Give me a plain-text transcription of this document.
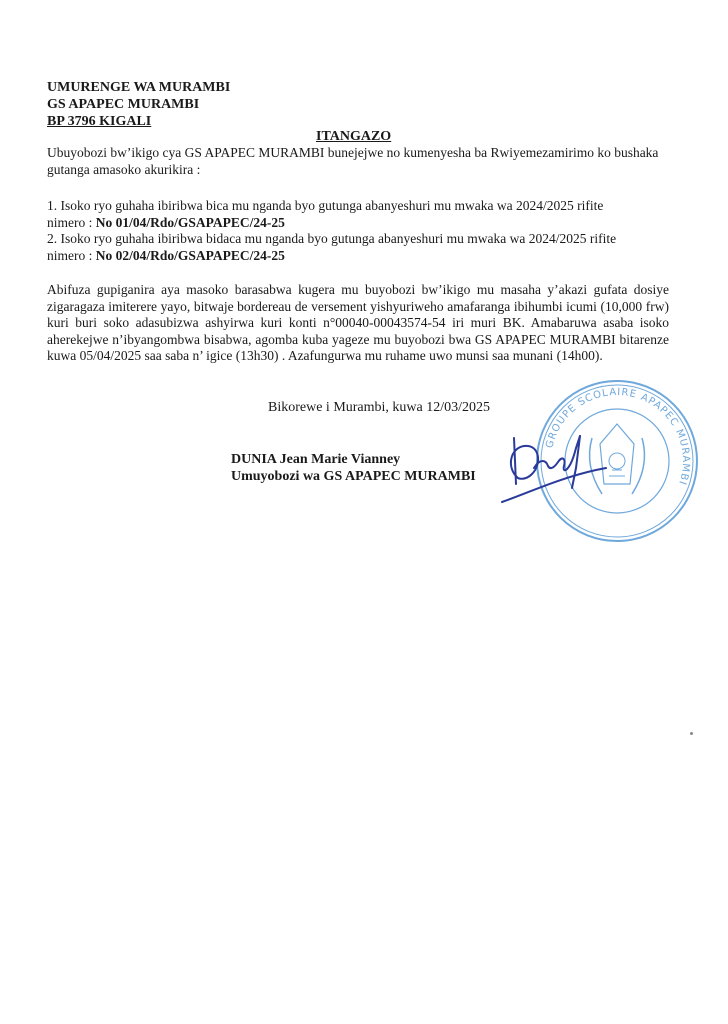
UMURENGE WA MURAMBI
GS APAPEC MURAMBI
BP 3796 KIGALI
ITANGAZO
Ubuyobozi bw’ikigo cya GS APAPEC MURAMBI bunejejwe no kumenyesha ba Rwiyemezamirimo ko bushaka gutanga amasoko akurikira :
1. Isoko ryo guhaha ibiribwa bica mu nganda byo gutunga abanyeshuri mu mwaka wa 2024/2025 rifite
nimero : No 01/04/Rdo/GSAPAPEC/24-25
2. Isoko ryo guhaha ibiribwa bidaca mu nganda byo gutunga abanyeshuri mu mwaka wa 2024/2025 rifite
nimero : No 02/04/Rdo/GSAPAPEC/24-25
Abifuza gupiganira aya masoko barasabwa kugera mu buyobozi bw’ikigo mu masaha y’akazi gufata dosiye zigaragaza imiterere yayo, bitwaje bordereau de versement yishyuriweho amafaranga ibihumbi icumi (10,000 frw) kuri buri soko adasubizwa ashyirwa kuri konti n°00040-00043574-54 iri muri BK. Amabaruwa asaba isoko aherekejwe n’ibyangombwa bisabwa, agomba kuba yageze mu buyobozi bwa GS APAPEC MURAMBI bitarenze kuwa 05/04/2025 saa saba n’ igice (13h30) . Azafungurwa mu ruhame uwo munsi saa munani (14h00).
Bikorewe i Murambi, kuwa 12/03/2025
DUNIA Jean Marie Vianney
Umuyobozi wa GS APAPEC MURAMBI
GROUPE SCOLAIRE APAPEC MURAMBI
